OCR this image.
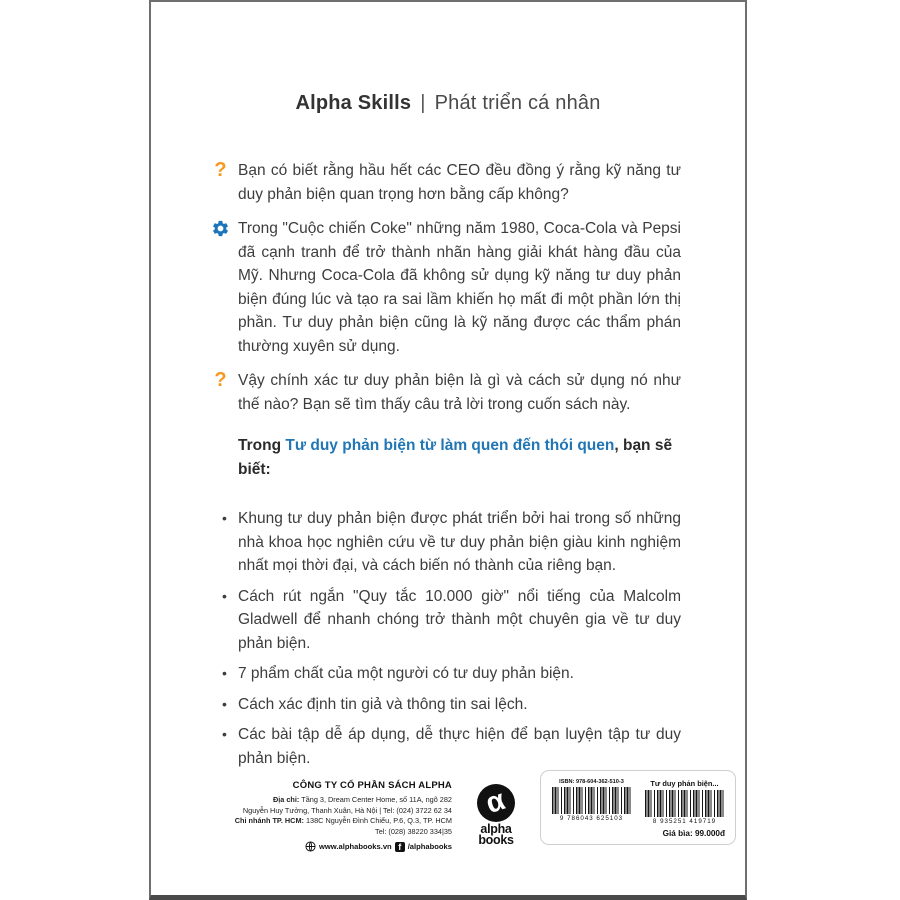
Alpha Skills | Phát triển cá nhân
? Bạn có biết rằng hầu hết các CEO đều đồng ý rằng kỹ năng tư duy phản biện quan trọng hơn bằng cấp không?
Trong "Cuộc chiến Coke" những năm 1980, Coca-Cola và Pepsi đã cạnh tranh để trở thành nhãn hàng giải khát hàng đầu của Mỹ. Nhưng Coca-Cola đã không sử dụng kỹ năng tư duy phản biện đúng lúc và tạo ra sai lầm khiến họ mất đi một phần lớn thị phần. Tư duy phản biện cũng là kỹ năng được các thẩm phán thường xuyên sử dụng.
? Vậy chính xác tư duy phản biện là gì và cách sử dụng nó như thế nào? Bạn sẽ tìm thấy câu trả lời trong cuốn sách này.
Trong Tư duy phản biện từ làm quen đến thói quen, bạn sẽ biết:
• Khung tư duy phản biện được phát triển bởi hai trong số những nhà khoa học nghiên cứu về tư duy phản biện giàu kinh nghiệm nhất mọi thời đại, và cách biến nó thành của riêng bạn.
• Cách rút ngắn "Quy tắc 10.000 giờ" nổi tiếng của Malcolm Gladwell để nhanh chóng trở thành một chuyên gia về tư duy phản biện.
• 7 phẩm chất của một người có tư duy phản biện.
• Cách xác định tin giả và thông tin sai lệch.
• Các bài tập dễ áp dụng, dễ thực hiện để bạn luyện tập tư duy phản biện.
CÔNG TY CỔ PHẦN SÁCH ALPHA
Địa chỉ: Tầng 3, Dream Center Home, số 11A, ngõ 282
Nguyễn Huy Tưởng, Thanh Xuân, Hà Nội | Tel: (024) 3722 62 34
Chi nhánh TP. HCM: 138C Nguyễn Đình Chiểu, P.6, Q.3, TP. HCM
Tel: (028) 38220 334|35
www.alphabooks.vn f /alphabooks
α
alpha
books
ISBN: 978-604-362-510-3
9 786043 625103
Tư duy phản biện...
8 935251 419719
Giá bìa: 99.000đ
